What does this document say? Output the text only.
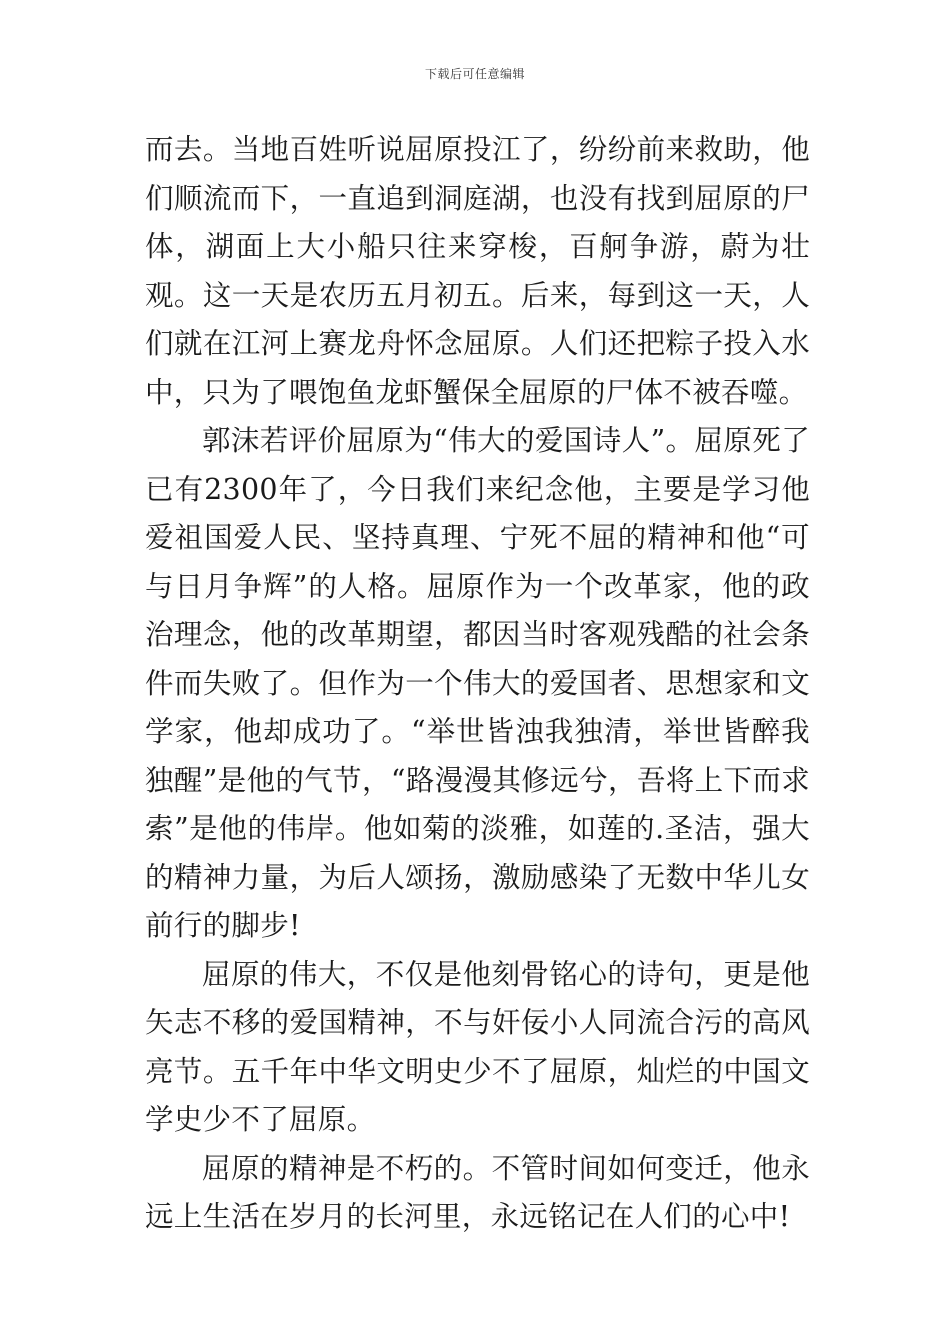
下载后可任意编辑

而去。当地百姓听说屈原投江了，纷纷前来救助，他们顺流而下，一直追到洞庭湖，也没有找到屈原的尸体，湖面上大小船只往来穿梭，百舸争游，蔚为壮观。这一天是农历五月初五。后来，每到这一天，人们就在江河上赛龙舟怀念屈原。人们还把粽子投入水中，只为了喂饱鱼龙虾蟹保全屈原的尸体不被吞噬。

郭沫若评价屈原为“伟大的爱国诗人”。屈原死了已有2300年了，今日我们来纪念他，主要是学习他爱祖国爱人民、坚持真理、宁死不屈的精神和他“可与日月争辉”的人格。屈原作为一个改革家，他的政治理念，他的改革期望，都因当时客观残酷的社会条件而失败了。但作为一个伟大的爱国者、思想家和文学家，他却成功了。“举世皆浊我独清，举世皆醉我独醒”是他的气节，“路漫漫其修远兮，吾将上下而求索”是他的伟岸。他如菊的淡雅，如莲的.圣洁，强大的精神力量，为后人颂扬，激励感染了无数中华儿女前行的脚步!

屈原的伟大，不仅是他刻骨铭心的诗句，更是他矢志不移的爱国精神，不与奸佞小人同流合污的高风亮节。五千年中华文明史少不了屈原，灿烂的中国文学史少不了屈原。

屈原的精神是不朽的。不管时间如何变迁，他永远上生活在岁月的长河里，永远铭记在人们的心中!
